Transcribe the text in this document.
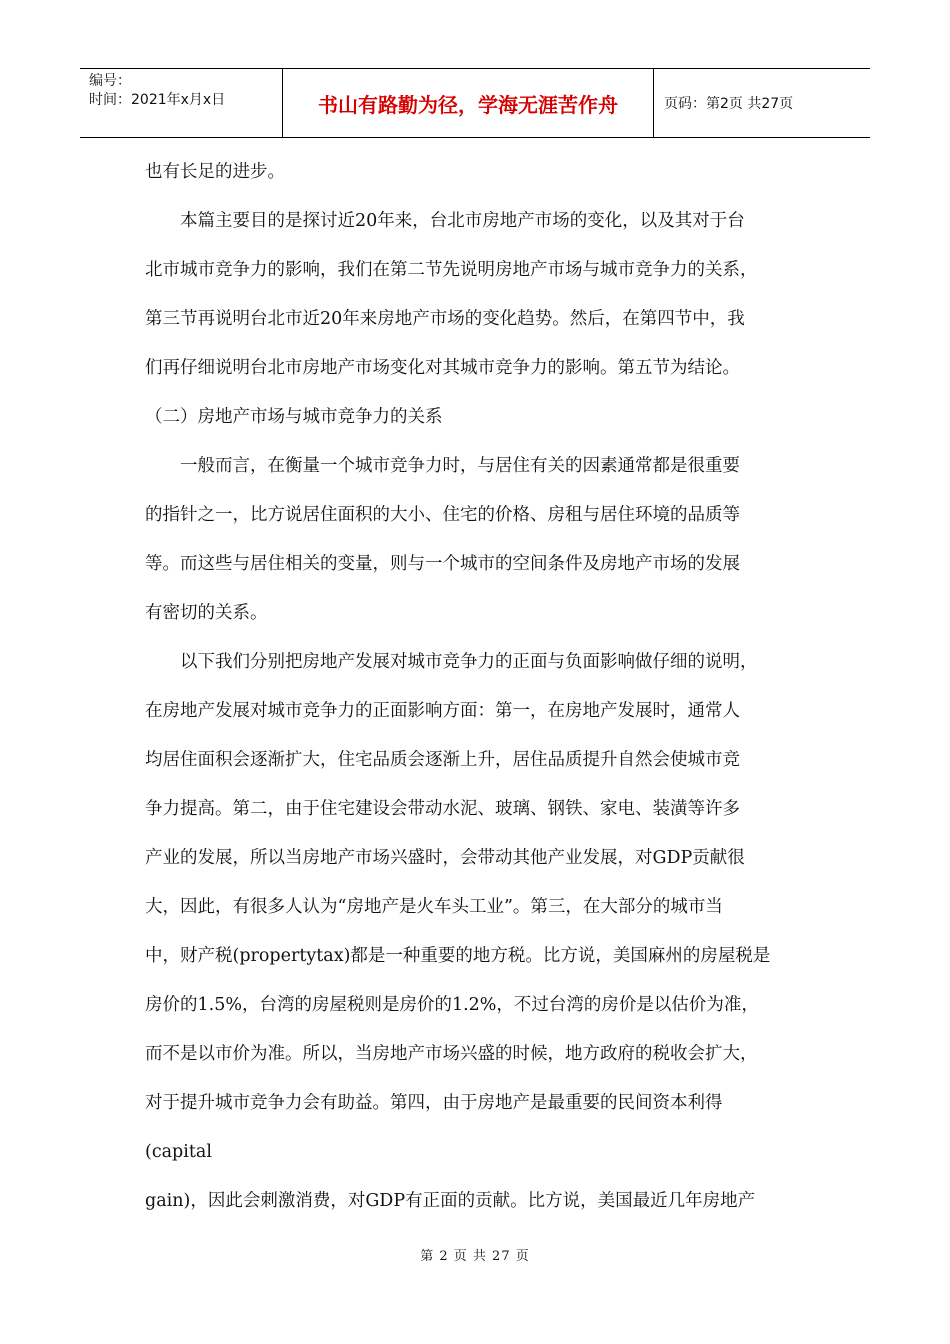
编号：
时间：2021年x月x日	书山有路勤为径，学海无涯苦作舟	页码：第2页 共27页
也有长足的进步。
本篇主要目的是探讨近20年来，台北市房地产市场的变化，以及其对于台
北市城市竞争力的影响，我们在第二节先说明房地产市场与城市竞争力的关系，
第三节再说明台北市近20年来房地产市场的变化趋势。然后，在第四节中，我
们再仔细说明台北市房地产市场变化对其城市竞争力的影响。第五节为结论。
（二）房地产市场与城市竞争力的关系
一般而言，在衡量一个城市竞争力时，与居住有关的因素通常都是很重要
的指针之一，比方说居住面积的大小、住宅的价格、房租与居住环境的品质等
等。而这些与居住相关的变量，则与一个城市的空间条件及房地产市场的发展
有密切的关系。
以下我们分别把房地产发展对城市竞争力的正面与负面影响做仔细的说明，
在房地产发展对城市竞争力的正面影响方面：第一，在房地产发展时，通常人
均居住面积会逐渐扩大，住宅品质会逐渐上升，居住品质提升自然会使城市竞
争力提高。第二，由于住宅建设会带动水泥、玻璃、钢铁、家电、装潢等许多
产业的发展，所以当房地产市场兴盛时，会带动其他产业发展，对GDP贡献很
大，因此，有很多人认为“房地产是火车头工业”。第三，在大部分的城市当
中，财产税(propertytax)都是一种重要的地方税。比方说，美国麻州的房屋税是
房价的1.5%，台湾的房屋税则是房价的1.2%，不过台湾的房价是以估价为准，
而不是以市价为准。所以，当房地产市场兴盛的时候，地方政府的税收会扩大，
对于提升城市竞争力会有助益。第四，由于房地产是最重要的民间资本利得
(capital
gain)，因此会刺激消费，对GDP有正面的贡献。比方说，美国最近几年房地产
第 2 页 共 27 页
